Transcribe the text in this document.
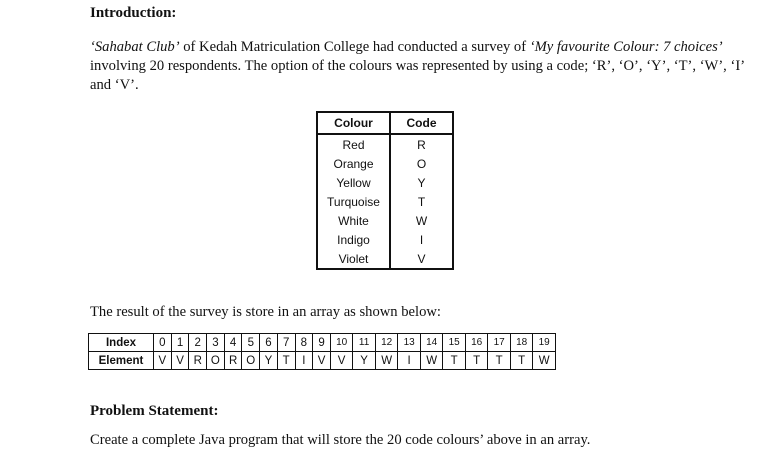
Introduction:
‘Sahabat Club’ of Kedah Matriculation College had conducted a survey of ‘My favourite Colour: 7 choices’ involving 20 respondents. The option of the colours was represented by using a code; ‘R’, ‘O’, ‘Y’, ‘T’, ‘W’, ‘I’ and ‘V’.
Colour	Code
Red	R
Orange	O
Yellow	Y
Turquoise	T
White	W
Indigo	I
Violet	V
The result of the survey is store in an array as shown below:
Index	0	1	2	3	4	5	6	7	8	9	10	11	12	13	14	15	16	17	18	19
Element	V	V	R	O	R	O	Y	T	I	V	V	Y	W	I	W	T	T	T	T	W
Problem Statement:
Create a complete Java program that will store the 20 code colours’ above in an array.
